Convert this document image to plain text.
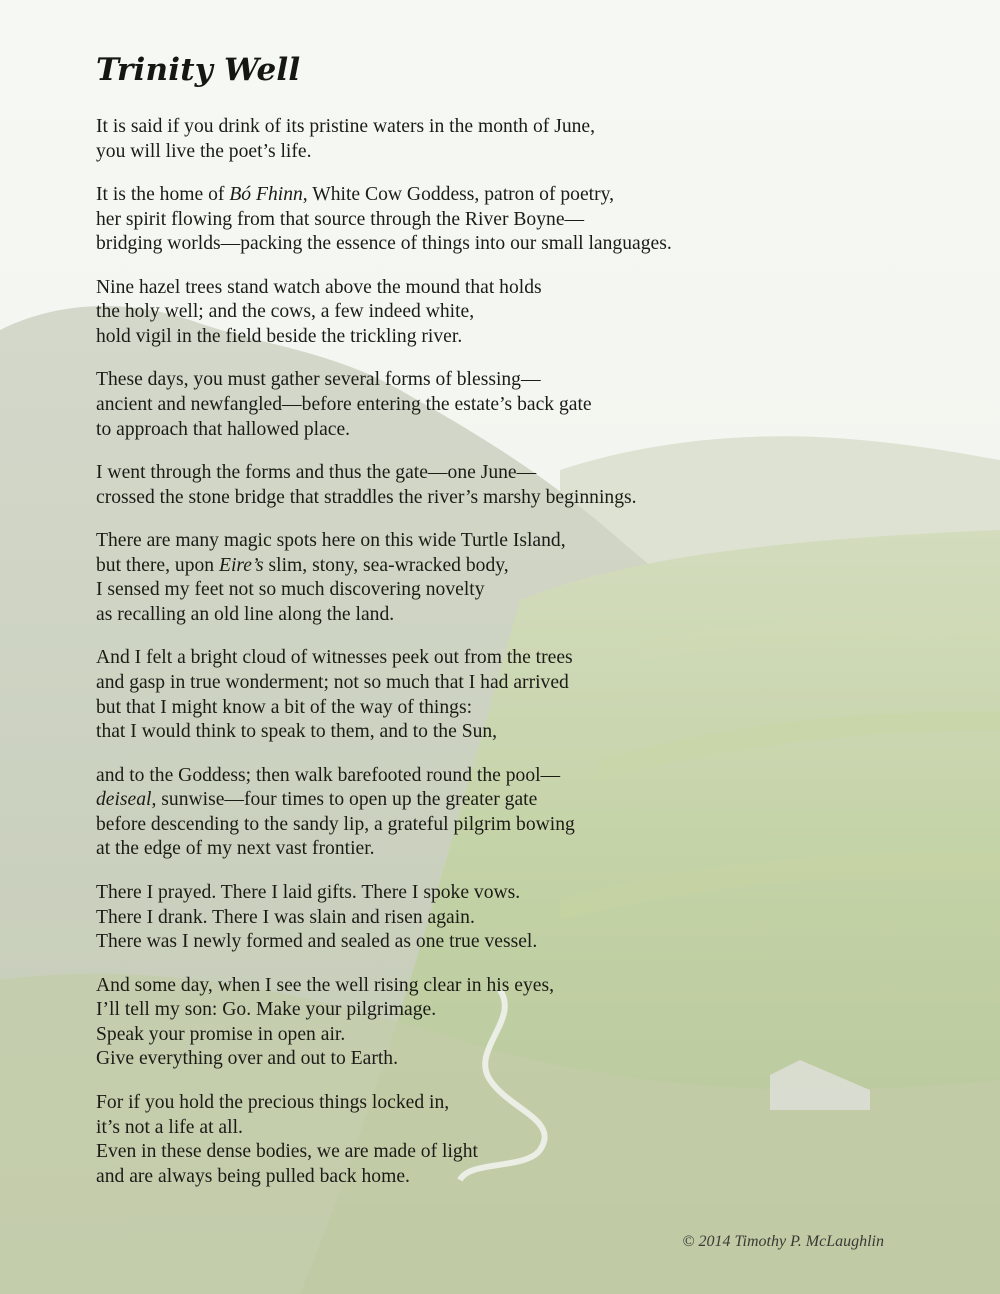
Trinity Well
It is said if you drink of its pristine waters in the month of June,
you will live the poet’s life.
It is the home of Bó Fhinn, White Cow Goddess, patron of poetry,
her spirit flowing from that source through the River Boyne—
bridging worlds—packing the essence of things into our small languages.
Nine hazel trees stand watch above the mound that holds
the holy well; and the cows, a few indeed white,
hold vigil in the field beside the trickling river.
These days, you must gather several forms of blessing—
ancient and newfangled—before entering the estate’s back gate
to approach that hallowed place.
I went through the forms and thus the gate—one June—
crossed the stone bridge that straddles the river’s marshy beginnings.
There are many magic spots here on this wide Turtle Island,
but there, upon Eire’s slim, stony, sea-wracked body,
I sensed my feet not so much discovering novelty
as recalling an old line along the land.
And I felt a bright cloud of witnesses peek out from the trees
and gasp in true wonderment; not so much that I had arrived
but that I might know a bit of the way of things:
that I would think to speak to them, and to the Sun,
and to the Goddess; then walk barefooted round the pool—
deiseal, sunwise—four times to open up the greater gate
before descending to the sandy lip, a grateful pilgrim bowing
at the edge of my next vast frontier.
There I prayed. There I laid gifts. There I spoke vows.
There I drank. There I was slain and risen again.
There was I newly formed and sealed as one true vessel.
And some day, when I see the well rising clear in his eyes,
I’ll tell my son: Go. Make your pilgrimage.
Speak your promise in open air.
Give everything over and out to Earth.
For if you hold the precious things locked in,
it’s not a life at all.
Even in these dense bodies, we are made of light
and are always being pulled back home.
© 2014 Timothy P. McLaughlin
